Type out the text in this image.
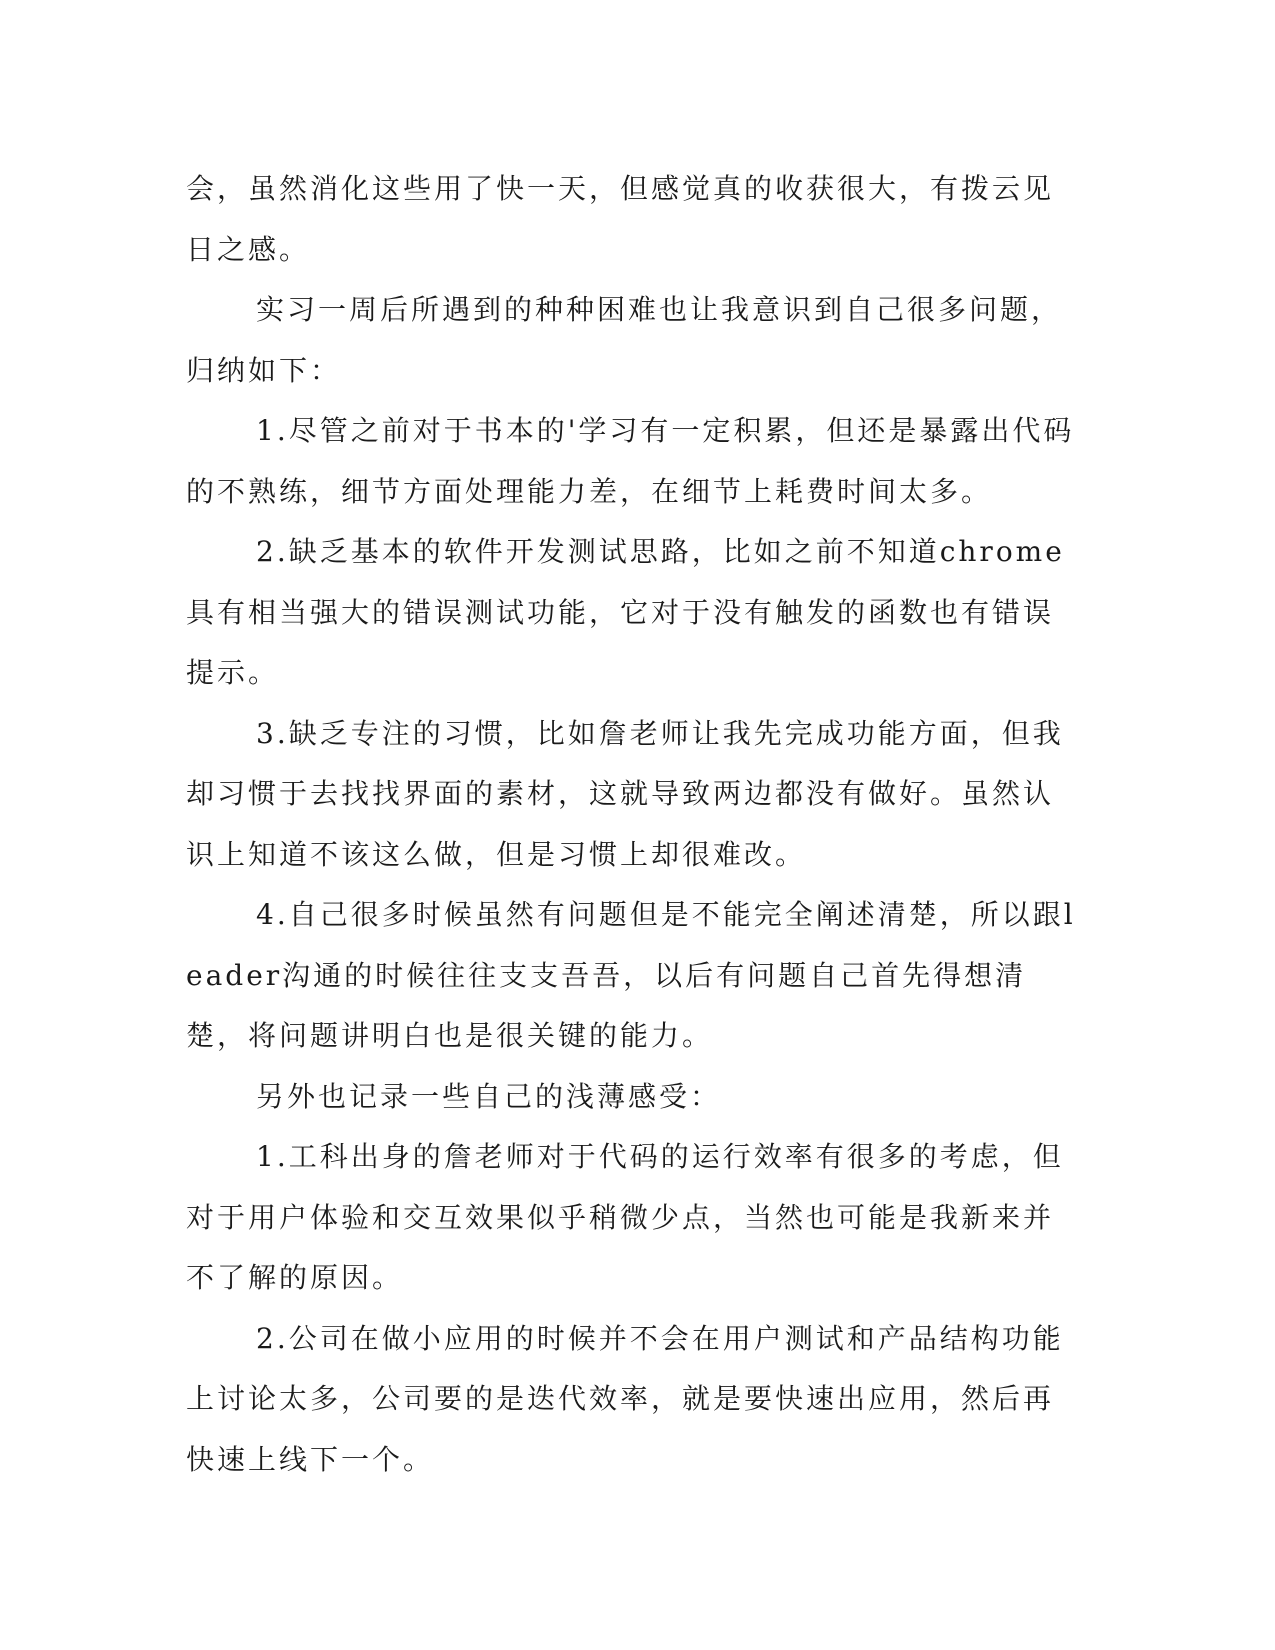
会，虽然消化这些用了快一天，但感觉真的收获很大，有拨云见日之感。

实习一周后所遇到的种种困难也让我意识到自己很多问题，归纳如下：

1.尽管之前对于书本的'学习有一定积累，但还是暴露出代码的不熟练，细节方面处理能力差，在细节上耗费时间太多。

2.缺乏基本的软件开发测试思路，比如之前不知道chrome具有相当强大的错误测试功能，它对于没有触发的函数也有错误提示。

3.缺乏专注的习惯，比如詹老师让我先完成功能方面，但我却习惯于去找找界面的素材，这就导致两边都没有做好。虽然认识上知道不该这么做，但是习惯上却很难改。

4.自己很多时候虽然有问题但是不能完全阐述清楚，所以跟leader沟通的时候往往支支吾吾，以后有问题自己首先得想清楚，将问题讲明白也是很关键的能力。

另外也记录一些自己的浅薄感受：

1.工科出身的詹老师对于代码的运行效率有很多的考虑，但对于用户体验和交互效果似乎稍微少点，当然也可能是我新来并不了解的原因。

2.公司在做小应用的时候并不会在用户测试和产品结构功能上讨论太多，公司要的是迭代效率，就是要快速出应用，然后再快速上线下一个。
